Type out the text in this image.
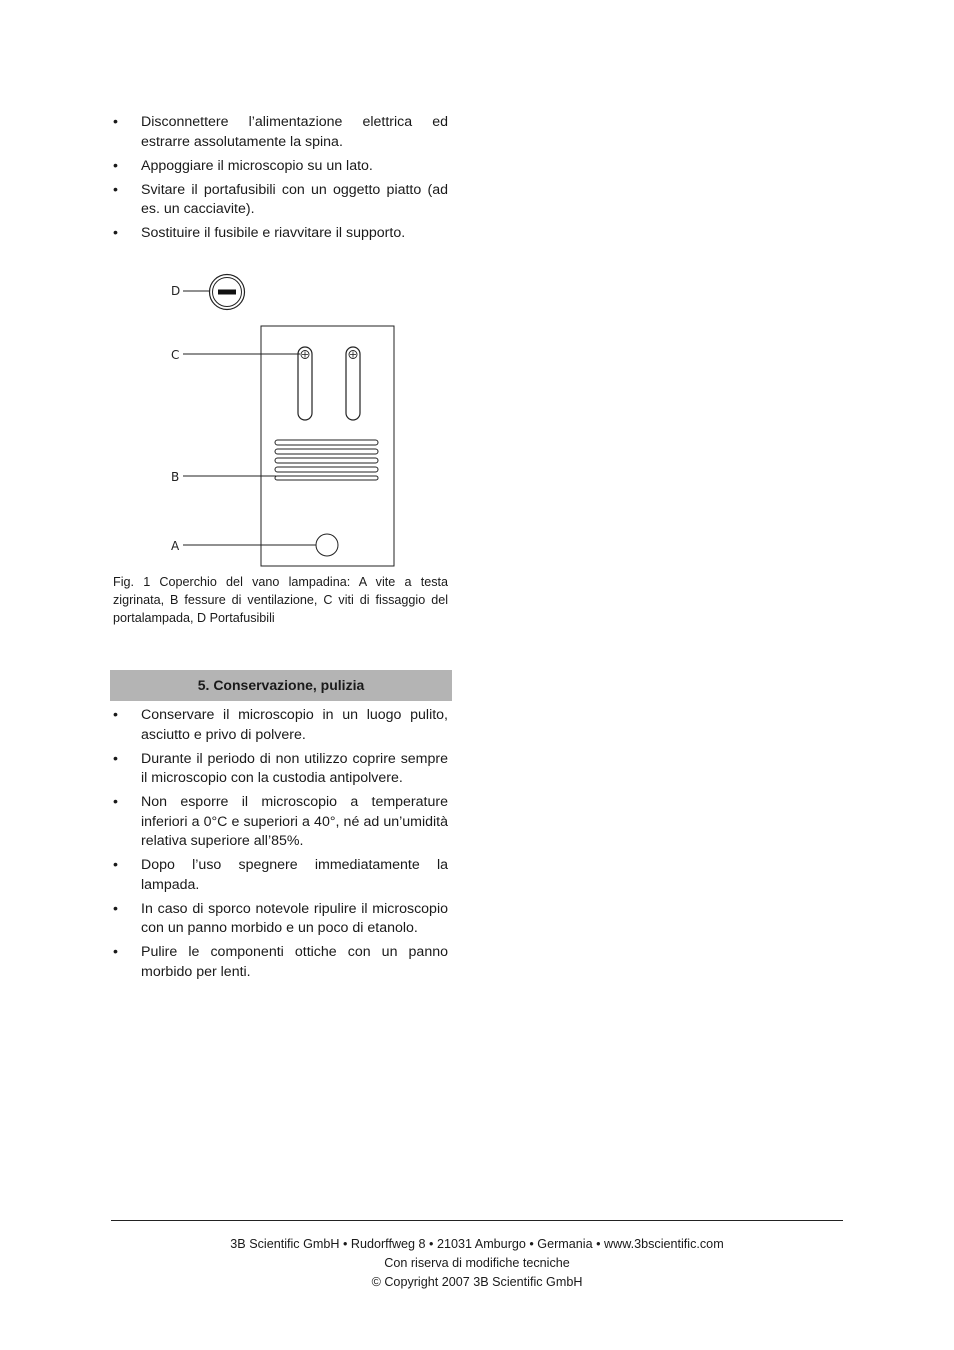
• Disconnettere l’alimentazione elettrica ed estrarre assolutamente la spina.
• Appoggiare il microscopio su un lato.
• Svitare il portafusibili con un oggetto piatto (ad es. un cacciavite).
• Sostituire il fusibile e riavvitare il supporto.
D
C
B
A
Fig. 1 Coperchio del vano lampadina: A vite a testa zigrinata, B fessure di ventilazione, C viti di fissaggio del portalampada, D Portafusibili
5. Conservazione, pulizia
• Conservare il microscopio in un luogo pulito, asciutto e privo di polvere.
• Durante il periodo di non utilizzo coprire sempre il microscopio con la custodia antipolvere.
• Non esporre il microscopio a temperature inferiori a 0°C e superiori a 40°, né ad un’umidità relativa superiore all’85%.
• Dopo l’uso spegnere immediatamente la lampada.
• In caso di sporco notevole ripulire il microscopio con un panno morbido e un poco di etanolo.
• Pulire le componenti ottiche con un panno morbido per lenti.
3B Scientific GmbH • Rudorffweg 8 • 21031 Amburgo • Germania • www.3bscientific.com
Con riserva di modifiche tecniche
© Copyright 2007 3B Scientific GmbH
